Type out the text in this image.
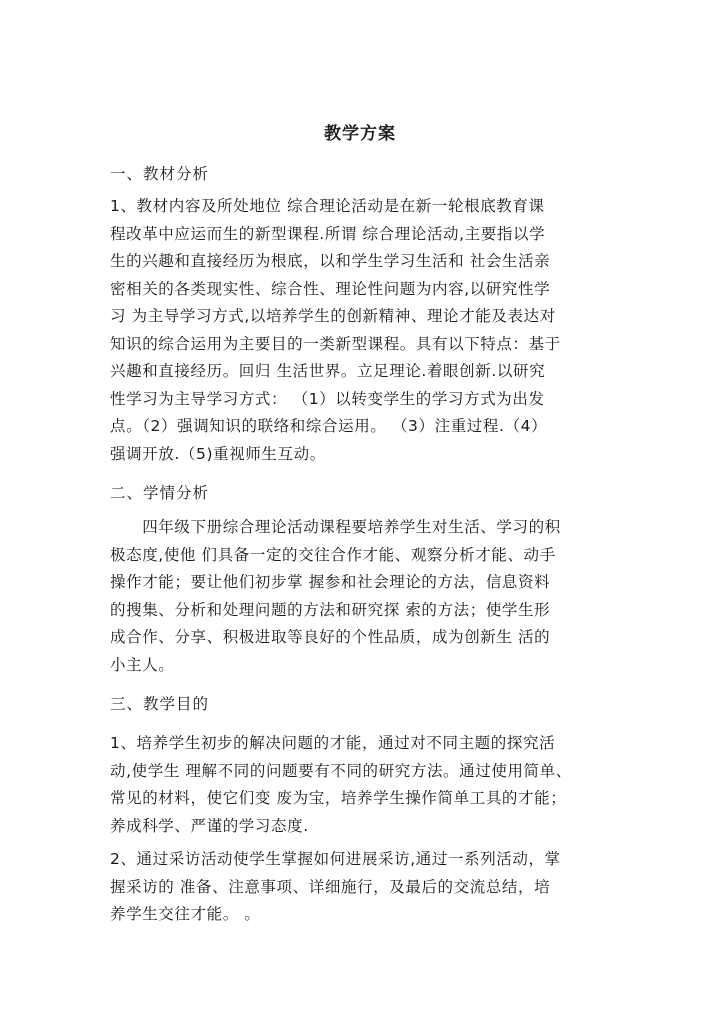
教学方案
一、教材分析
1、教材内容及所处地位 综合理论活动是在新一轮根底教育课
程改革中应运而生的新型课程.所谓 综合理论活动,主要指以学
生的兴趣和直接经历为根底，以和学生学习生活和 社会生活亲
密相关的各类现实性、综合性、理论性问题为内容,以研究性学
习 为主导学习方式,以培养学生的创新精神、理论才能及表达对
知识的综合运用为主要目的一类新型课程。具有以下特点：基于
兴趣和直接经历。回归 生活世界。立足理论.着眼创新.以研究
性学习为主导学习方式： （1）以转变学生的学习方式为出发
点。（2）强调知识的联络和综合运用。 （3）注重过程.（4）
强调开放.（5)重视师生互动。
二、学情分析
　　四年级下册综合理论活动课程要培养学生对生活、学习的积
极态度,使他 们具备一定的交往合作才能、观察分析才能、动手
操作才能；要让他们初步掌 握参和社会理论的方法，信息资料
的搜集、分析和处理问题的方法和研究探 索的方法；使学生形
成合作、分享、积极进取等良好的个性品质，成为创新生 活的
小主人。
三、教学目的
1、培养学生初步的解决问题的才能，通过对不同主题的探究活
动,使学生 理解不同的问题要有不同的研究方法。通过使用简单、
常见的材料，使它们变 废为宝，培养学生操作简单工具的才能；
养成科学、严谨的学习态度.
2、通过采访活动使学生掌握如何进展采访,通过一系列活动，掌
握采访的 准备、注意事项、详细施行，及最后的交流总结，培
养学生交往才能。 。
